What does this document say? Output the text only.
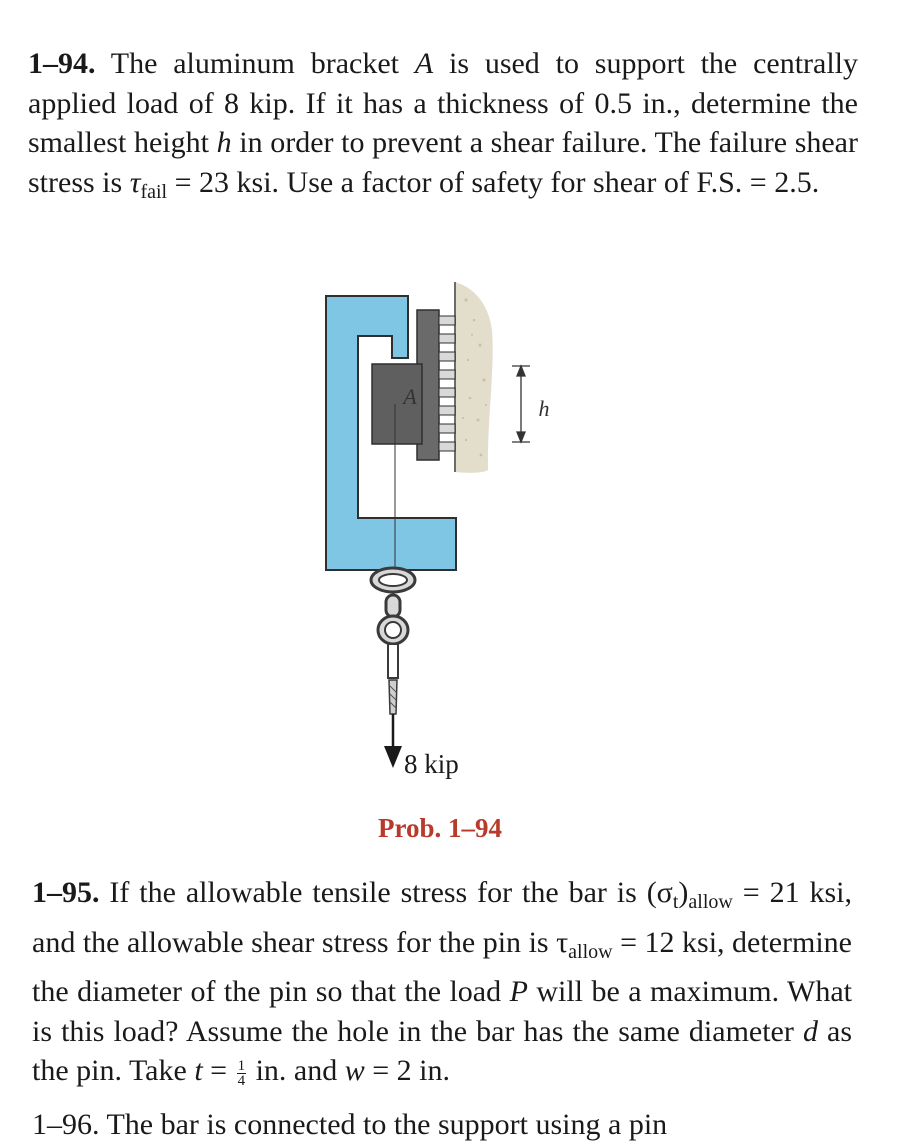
1–94. The aluminum bracket A is used to support the centrally applied load of 8 kip. If it has a thickness of 0.5 in., determine the smallest height h in order to prevent a shear failure. The failure shear stress is $\tau_{fail} = 23$ ksi. Use a factor of safety for shear of F.S. = 2.5.

A	h
8 kip
Prob. 1–94

1–95. If the allowable tensile stress for the bar is $(\sigma_t)_{allow} = 21$ ksi, and the allowable shear stress for the pin is $\tau_{allow} = 12$ ksi, determine the diameter of the pin so that the load P will be a maximum. What is this load? Assume the hole in the bar has the same diameter d as the pin. Take $t = \frac{1}{4}$ in. and w = 2 in.

1–96. The bar is connected to the support using a pin
